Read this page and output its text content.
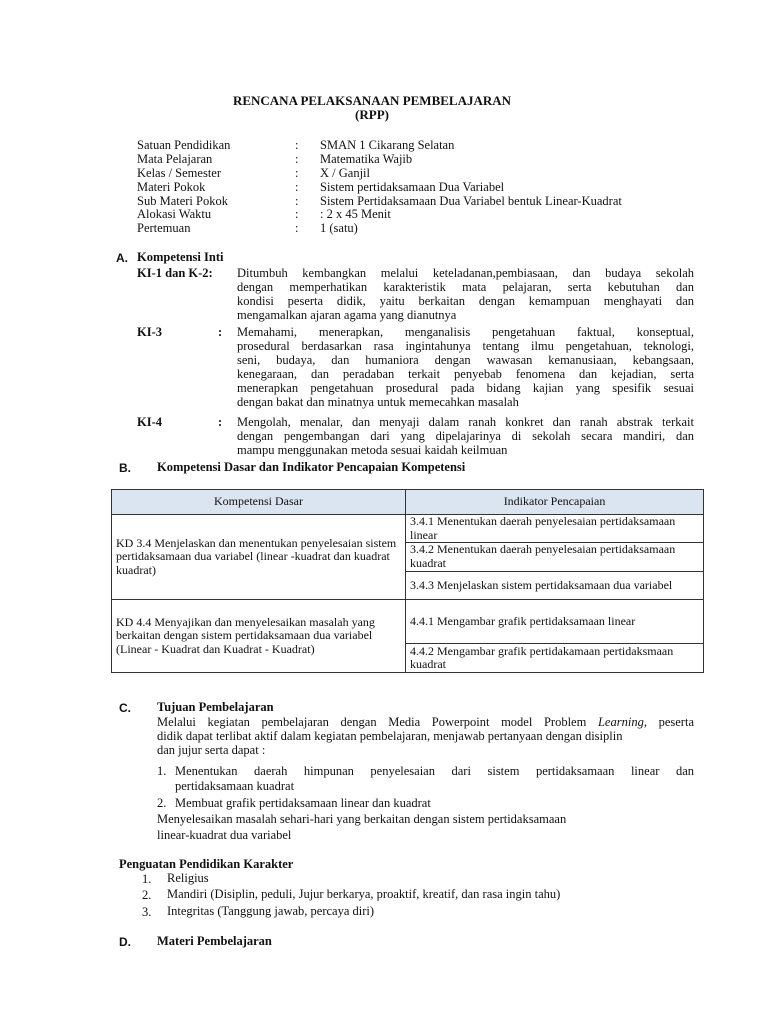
RENCANA PELAKSANAAN PEMBELAJARAN
(RPP)
Satuan Pendidikan	: SMAN 1 Cikarang Selatan
Mata Pelajaran	: Matematika Wajib
Kelas / Semester	: X / Ganjil
Materi Pokok	: Sistem pertidaksamaan Dua Variabel
Sub Materi Pokok	: Sistem Pertidaksamaan Dua Variabel bentuk Linear-Kuadrat
Alokasi Waktu	: : 2 x 45 Menit
Pertemuan	: 1 (satu)
A. Kompetensi Inti
KI-1 dan K-2: Ditumbuh kembangkan melalui keteladanan,pembiasaan, dan budaya sekolah
dengan memperhatikan karakteristik mata pelajaran, serta kebutuhan dan
kondisi peserta didik, yaitu berkaitan dengan kemampuan menghayati dan
mengamalkan ajaran agama yang dianutnya
KI-3	: Memahami, menerapkan, menganalisis pengetahuan faktual, konseptual,
prosedural berdasarkan rasa ingintahunya tentang ilmu pengetahuan, teknologi,
seni, budaya, dan humaniora dengan wawasan kemanusiaan, kebangsaan,
kenegaraan, dan peradaban terkait penyebab fenomena dan kejadian, serta
menerapkan pengetahuan prosedural pada bidang kajian yang spesifik sesuai
dengan bakat dan minatnya untuk memecahkan masalah
KI-4	: Mengolah, menalar, dan menyaji dalam ranah konkret dan ranah abstrak terkait
dengan pengembangan dari yang dipelajarinya di sekolah secara mandiri, dan
mampu menggunakan metoda sesuai kaidah keilmuan
B. Kompetensi Dasar dan Indikator Pencapaian Kompetensi
Kompetensi Dasar	Indikator Pencapaian
KD 3.4 Menjelaskan dan menentukan penyelesaian sistem pertidaksamaan dua variabel (linear -kuadrat dan kuadrat kuadrat)	3.4.1 Menentukan daerah penyelesaian pertidaksamaan linear
	3.4.2 Menentukan daerah penyelesaian pertidaksamaan kuadrat
	3.4.3 Menjelaskan sistem pertidaksamaan dua variabel
KD 4.4 Menyajikan dan menyelesaikan masalah yang berkaitan dengan sistem pertidaksamaan dua variabel (Linear - Kuadrat dan Kuadrat - Kuadrat)	4.4.1 Mengambar grafik pertidaksamaan linear
	4.4.2 Mengambar grafik pertidakamaan pertidaksmaan kuadrat
C. Tujuan Pembelajaran
Melalui kegiatan pembelajaran dengan Media Powerpoint model Problem Learning, peserta
didik dapat terlibat aktif dalam kegiatan pembelajaran, menjawab pertanyaan dengan disiplin
dan jujur serta dapat :
1. Menentukan daerah himpunan penyelesaian dari sistem pertidaksamaan linear dan
pertidaksamaan kuadrat
2. Membuat grafik pertidaksamaan linear dan kuadrat
Menyelesaikan masalah sehari-hari yang berkaitan dengan sistem pertidaksamaan
linear-kuadrat dua variabel
Penguatan Pendidikan Karakter
1. Religius
2. Mandiri (Disiplin, peduli, Jujur berkarya, proaktif, kreatif, dan rasa ingin tahu)
3. Integritas (Tanggung jawab, percaya diri)
D. Materi Pembelajaran
